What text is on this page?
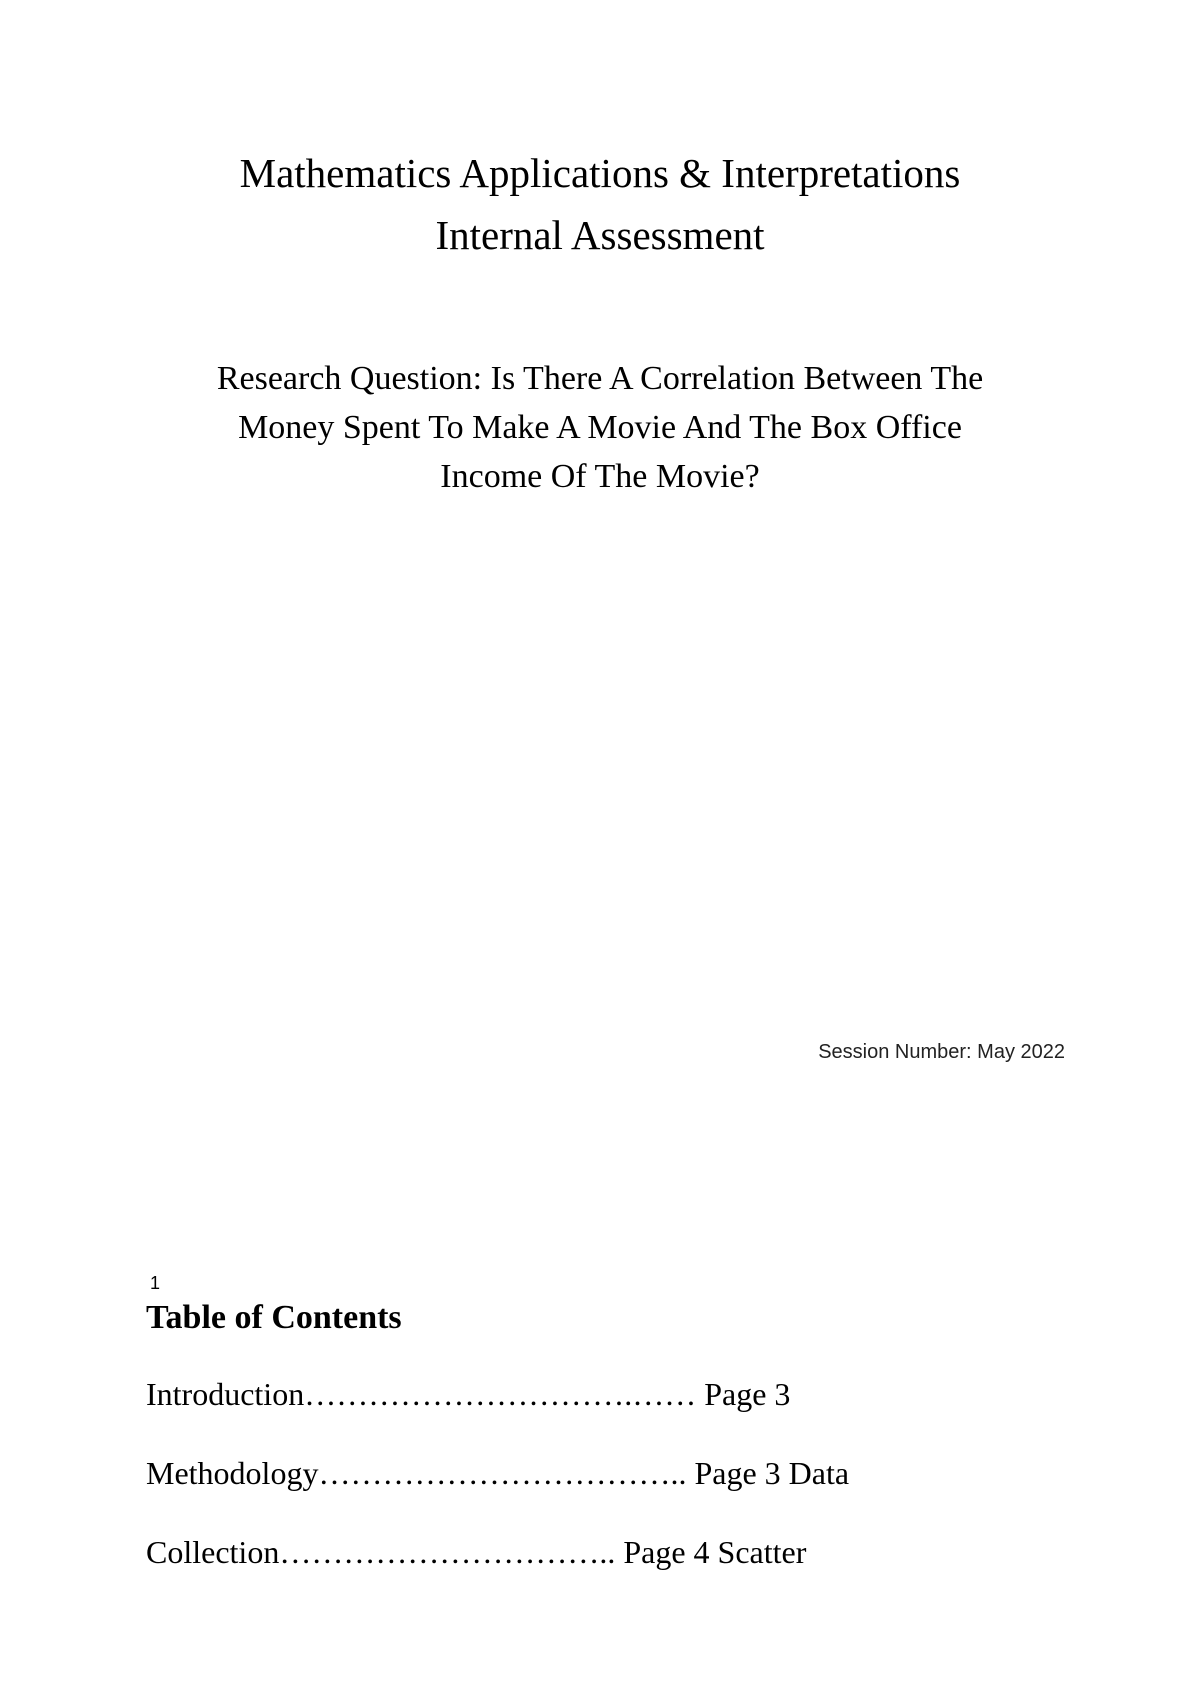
Mathematics Applications & Interpretations
Internal Assessment

Research Question: Is There A Correlation Between The
Money Spent To Make A Movie And The Box Office
Income Of The Movie?

Session Number: May 2022
1
Table of Contents
Introduction………………………….…… Page 3
Methodology…………………………….. Page 3 Data
Collection………………………….. Page 4 Scatter
